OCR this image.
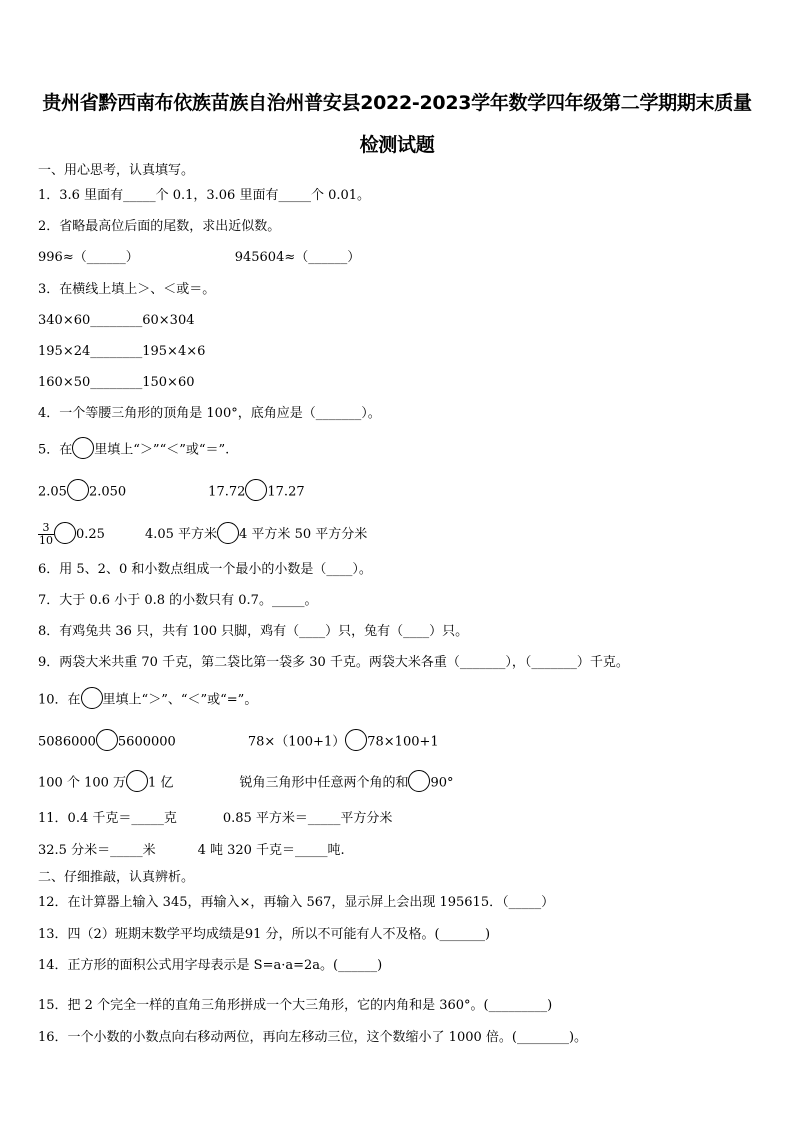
贵州省黔西南布依族苗族自治州普安县2022-2023学年数学四年级第二学期期末质量
检测试题
一、用心思考，认真填写。
1．3.6 里面有_____个 0.1，3.06 里面有_____个 0.01。
2．省略最高位后面的尾数，求出近似数。
996≈（______）	945604≈（______）
3．在横线上填上＞、＜或＝。
340×60________60×304
195×24________195×4×6
160×50________150×60
4．一个等腰三角形的顶角是 100°，底角应是（_______）。
5．在 里填上“＞”“＜”或“＝”.
2.05 2.050	17.72 17.27
$\frac{3}{10} 0.25$	4.05 平方米 4 平方米 50 平方分米
6．用 5、2、0 和小数点组成一个最小的小数是（____）。
7．大于 0.6 小于 0.8 的小数只有 0.7。_____。
8．有鸡兔共 36 只，共有 100 只脚，鸡有（____）只，兔有（____）只。
9．两袋大米共重 70 千克，第二袋比第一袋多 30 千克。两袋大米各重（_______），（_______）千克。
10．在 里填上“＞”、“＜”或“=”。
5086000 5600000	78×（100+1） 78×100+1
100 个 100 万 1 亿	锐角三角形中任意两个角的和 90°
11．0.4 千克＝_____克	0.85 平方米＝_____平方分米
32.5 分米＝_____米	4 吨 320 千克＝_____吨.
二、仔细推敲，认真辨析。
12．在计算器上输入 345，再输入×，再输入 567，显示屏上会出现 195615．（_____）
13．四（2）班期末数学平均成绩是91 分，所以不可能有人不及格。(_______)
14．正方形的面积公式用字母表示是 S=a·a=2a。(______)
15．把 2 个完全一样的直角三角形拼成一个大三角形，它的内角和是 360°。(_________)
16．一个小数的小数点向右移动两位，再向左移动三位，这个数缩小了 1000 倍。(________)。
